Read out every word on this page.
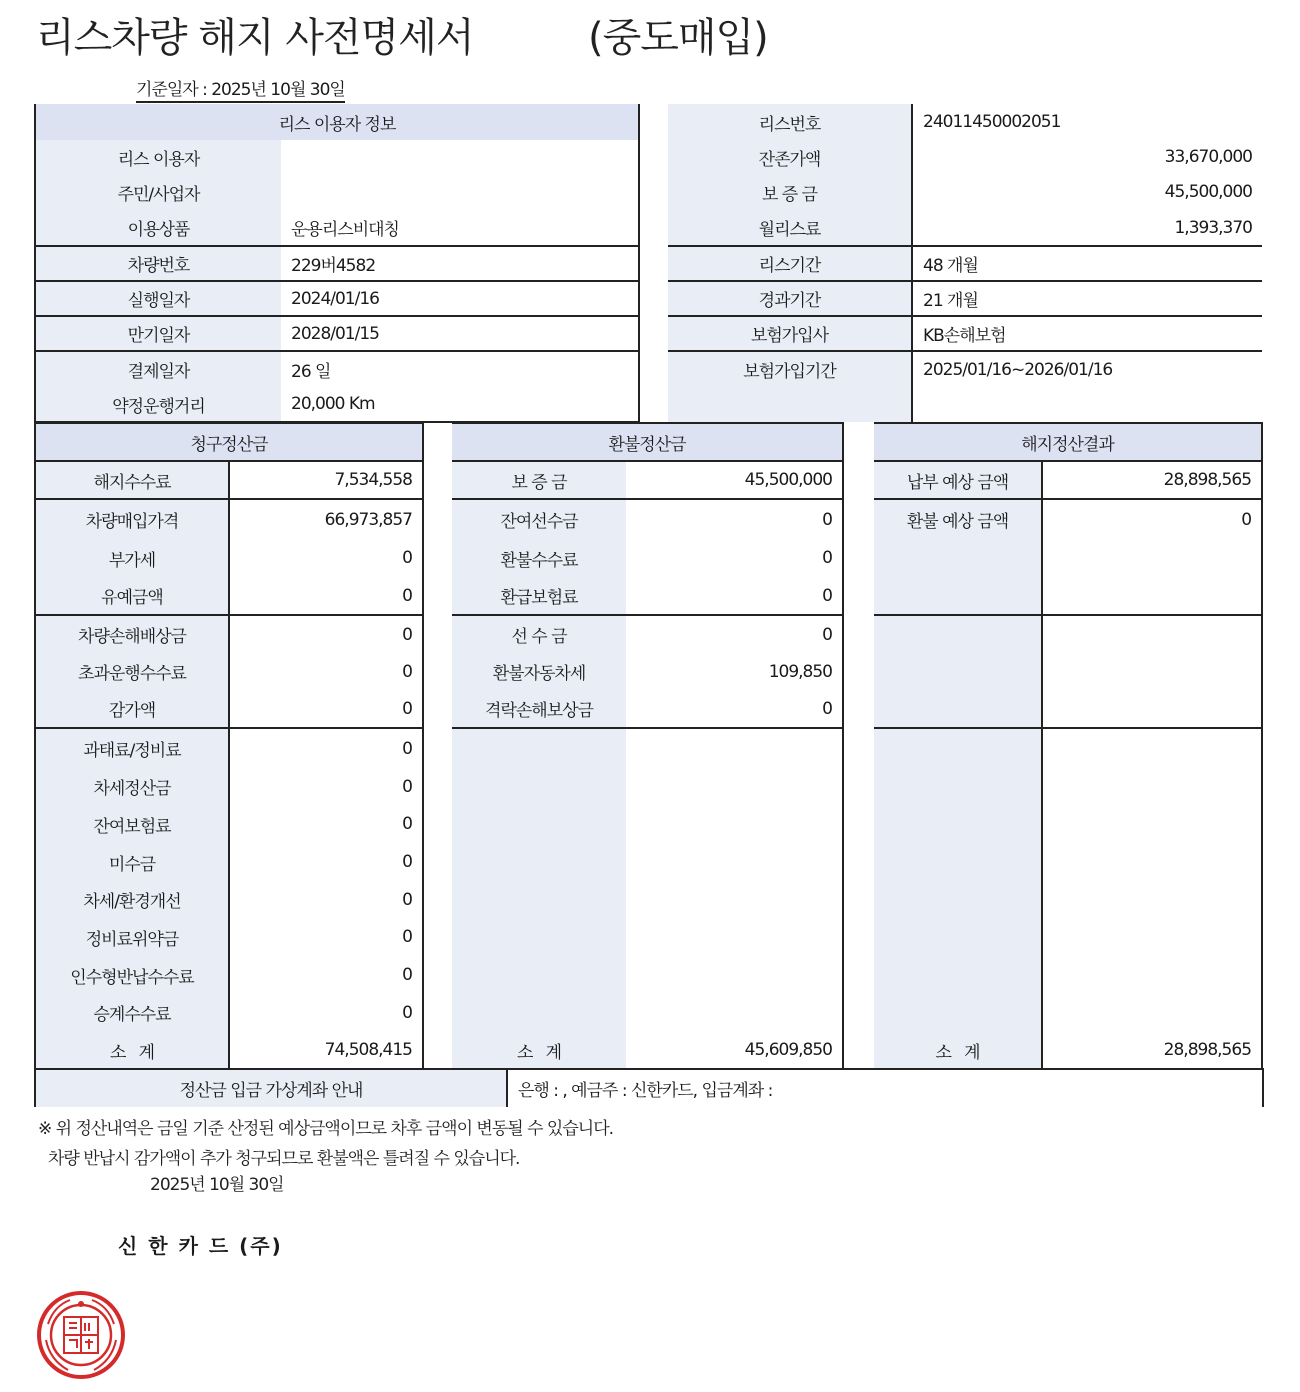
리스차량 해지 사전명세서	(중도매입)
기준일자 : 2025년 10월 30일
리스 이용자 정보	
리스 이용자	
주민/사업자	
이용상품	운용리스비대칭
차량번호	229버4582
실행일자	2024/01/16
만기일자	2028/01/15
결제일자	26 일
약정운행거리	20,000 Km
리스번호	24011450002051
잔존가액	33,670,000
보 증 금	45,500,000
월리스료	1,393,370
리스기간	48 개월
경과기간	21 개월
보험가입사	KB손해보험
보험가입기간	2025/01/16~2026/01/16

청구정산금	
해지수수료	7,534,558
차량매입가격	66,973,857
부가세	0
유예금액	0
차량손해배상금	0
초과운행수수료	0
감가액	0
과태료/정비료	0
차세정산금	0
잔여보험료	0
미수금	0
차세/환경개선	0
정비료위약금	0
인수형반납수수료	0
승계수수료	0
소   계	74,508,415
환불정산금	
보 증 금	45,500,000
잔여선수금	0
환불수수료	0
환급보험료	0
선 수 금	0
환불자동차세	109,850
격락손해보상금	0

소   계	45,609,850
해지정산결과	
납부 예상 금액	28,898,565
환불 예상 금액	0

소   계	28,898,565
정산금 입금 가상계좌 안내	은행 : , 예금주 : 신한카드, 입금계좌 :
※ 위 정산내역은 금일 기준 산정된 예상금액이므로 차후 금액이 변동될 수 있습니다.
차량 반납시 감가액이 추가 청구되므로 환불액은 틀려질 수 있습니다.
2025년 10월 30일
신 한 카 드 (주)
